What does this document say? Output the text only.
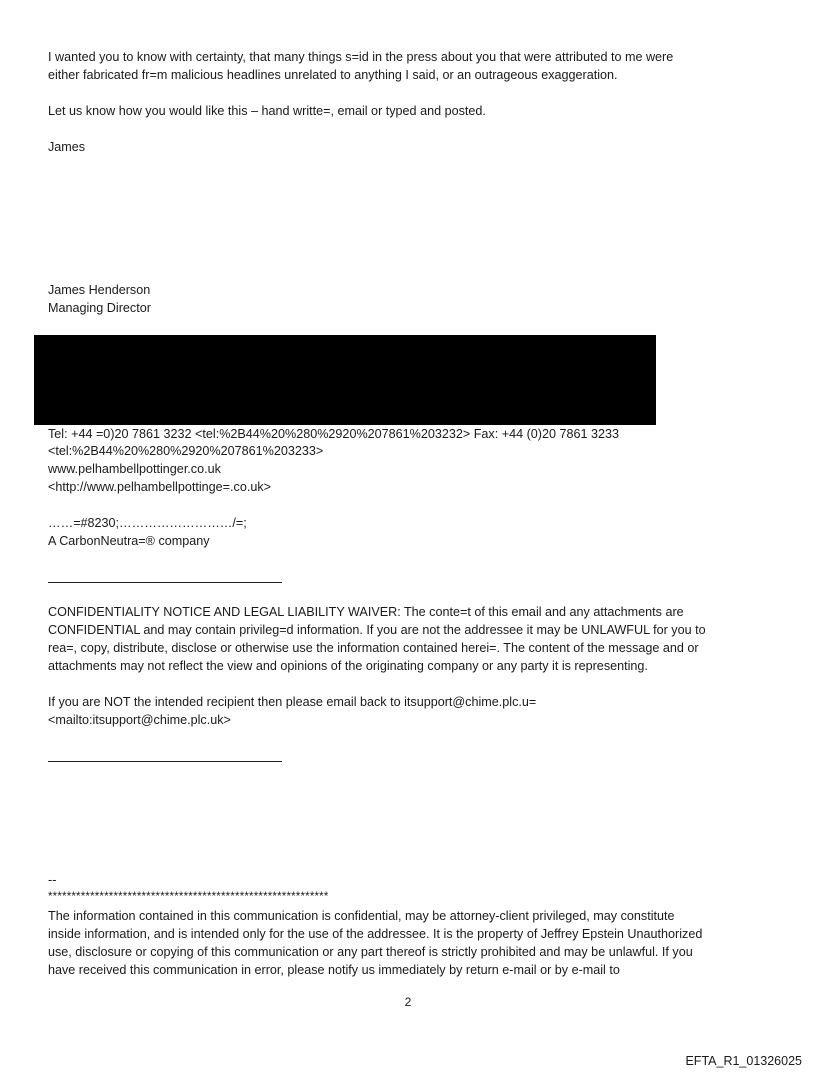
I wanted you to know with certainty, that many things s=id in the press about you that were attributed to me were
either fabricated fr=m malicious headlines unrelated to anything I said, or an outrageous exaggeration.
Let us know how you would like this – hand writte=, email or typed and posted.
James
James Henderson
Managing Director
Tel: +44 =0)20 7861 3232 <tel:%2B44%20%280%2920%207861%203232> Fax: +44 (0)20 7861 3233
<tel:%2B44%20%280%2920%207861%203233>
www.pelhambellpottinger.co.uk
<http://www.pelhambellpottinge=.co.uk>
……=#8230;………………………/=;
A CarbonNeutra=® company
CONFIDENTIALITY NOTICE AND LEGAL LIABILITY WAIVER: The conte=t of this email and any attachments are
CONFIDENTIAL and may contain privileg=d information. If you are not the addressee it may be UNLAWFUL for you to
rea=, copy, distribute, disclose or otherwise use the information contained herei=. The content of the message and or
attachments may not reflect the view and opinions of the originating company or any party it is representing.
If you are NOT the intended recipient then please email back to itsupport@chime.plc.u=
<mailto:itsupport@chime.plc.uk>
--
************************************************************
The information contained in this communication is confidential, may be attorney-client privileged, may constitute
inside information, and is intended only for the use of the addressee. It is the property of Jeffrey Epstein Unauthorized
use, disclosure or copying of this communication or any part thereof is strictly prohibited and may be unlawful. If you
have received this communication in error, please notify us immediately by return e-mail or by e-mail to
2
EFTA_R1_01326025
